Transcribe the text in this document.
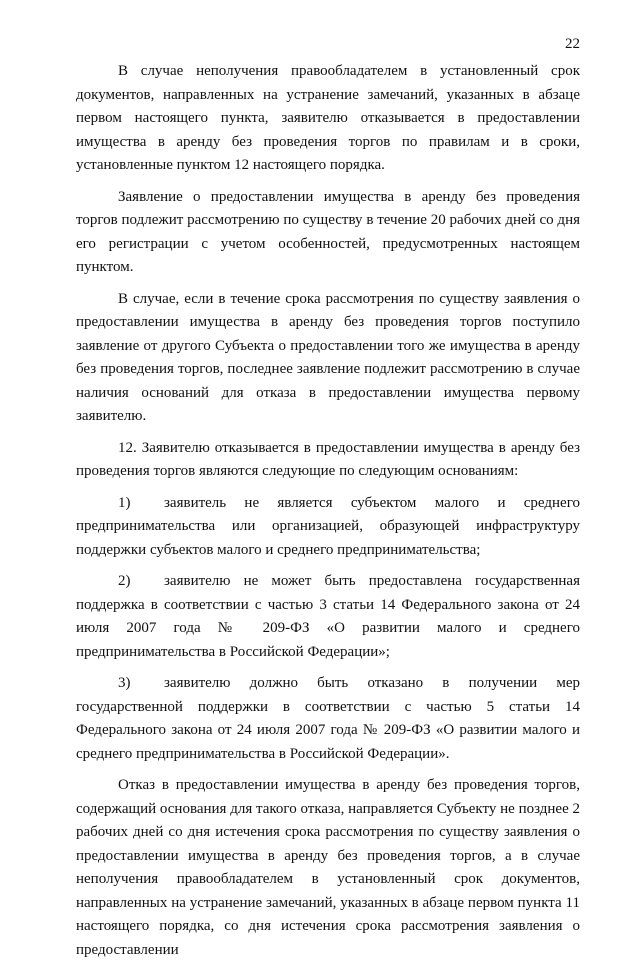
22

В случае неполучения правообладателем в установленный срок документов, направленных на устранение замечаний, указанных в абзаце первом настоящего пункта, заявителю отказывается в предоставлении имущества в аренду без проведения торгов по правилам и в сроки, установленные пунктом 12 настоящего порядка.

Заявление о предоставлении имущества в аренду без проведения торгов подлежит рассмотрению по существу в течение 20 рабочих дней со дня его регистрации с учетом особенностей, предусмотренных настоящем пунктом.

В случае, если в течение срока рассмотрения по существу заявления о предоставлении имущества в аренду без проведения торгов поступило заявление от другого Субъекта о предоставлении того же имущества в аренду без проведения торгов, последнее заявление подлежит рассмотрению в случае наличия оснований для отказа в предоставлении имущества первому заявителю.

12. Заявителю отказывается в предоставлении имущества в аренду без проведения торгов являются следующие по следующим основаниям:

1) заявитель не является субъектом малого и среднего предпринимательства или организацией, образующей инфраструктуру поддержки субъектов малого и среднего предпринимательства;

2) заявителю не может быть предоставлена государственная поддержка в соответствии с частью 3 статьи 14 Федерального закона от 24 июля 2007 года № 209-ФЗ «О развитии малого и среднего предпринимательства в Российской Федерации»;

3) заявителю должно быть отказано в получении мер государственной поддержки в соответствии с частью 5 статьи 14 Федерального закона от 24 июля 2007 года № 209-ФЗ «О развитии малого и среднего предпринимательства в Российской Федерации».

Отказ в предоставлении имущества в аренду без проведения торгов, содержащий основания для такого отказа, направляется Субъекту не позднее 2 рабочих дней со дня истечения срока рассмотрения по существу заявления о предоставлении имущества в аренду без проведения торгов, а в случае неполучения правообладателем в установленный срок документов, направленных на устранение замечаний, указанных в абзаце первом пункта 11 настоящего порядка, со дня истечения срока рассмотрения заявления о предоставлении
